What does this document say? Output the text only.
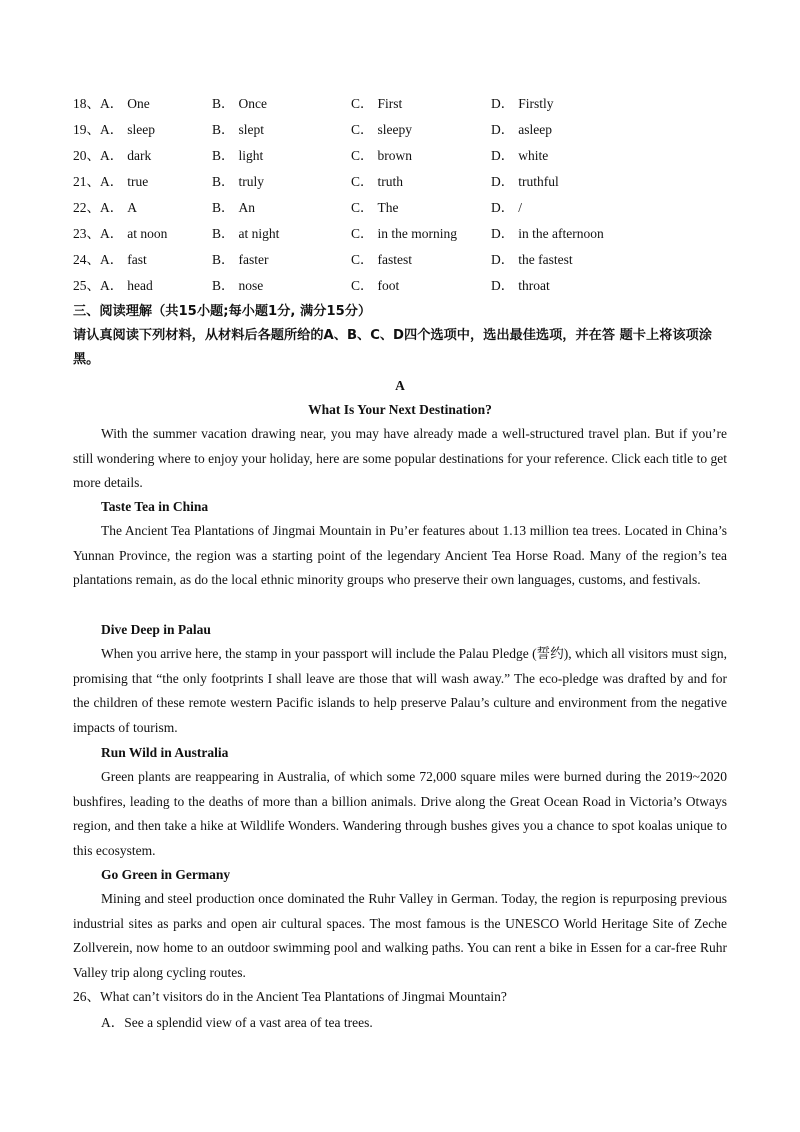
18、A． One	B． Once	C． First	D． Firstly
19、A． sleep	B． slept	C． sleepy	D． asleep
20、A． dark	B． light	C． brown	D． white
21、A． true	B． truly	C． truth	D． truthful
22、A． A	B． An	C． The	D． /
23、A． at noon	B． at night	C． in the morning	D． in the afternoon
24、A． fast	B． faster	C． fastest	D． the fastest
25、A． head	B． nose	C． foot	D． throat
三、阅读理解（共15小题;每小题1分, 满分15分）
请认真阅读下列材料，从材料后各题所给的A、B、C、D四个选项中，选出最佳选项，并在答 题卡上将该项涂黑。
A
What Is Your Next Destination?

With the summer vacation drawing near, you may have already made a well-structured travel plan. But if you’re still wondering where to enjoy your holiday, here are some popular destinations for your reference. Click each title to get more details.

Taste Tea in China

The Ancient Tea Plantations of Jingmai Mountain in Pu’er features about 1.13 million tea trees. Located in China’s Yunnan Province, the region was a starting point of the legendary Ancient Tea Horse Road. Many of the region’s tea plantations remain, as do the local ethnic minority groups who preserve their own languages, customs, and festivals.

Dive Deep in Palau

When you arrive here, the stamp in your passport will include the Palau Pledge (誓约), which all visitors must sign, promising that “the only footprints I shall leave are those that will wash away.” The eco-pledge was drafted by and for the children of these remote western Pacific islands to help preserve Palau’s culture and environment from the negative impacts of tourism.

Run Wild in Australia

Green plants are reappearing in Australia, of which some 72,000 square miles were burned during the 2019~2020 bushfires, leading to the deaths of more than a billion animals. Drive along the Great Ocean Road in Victoria’s Otways region, and then take a hike at Wildlife Wonders. Wandering through bushes gives you a chance to spot koalas unique to this ecosystem.

Go Green in Germany

Mining and steel production once dominated the Ruhr Valley in German. Today, the region is repurposing previous industrial sites as parks and open air cultural spaces. The most famous is the UNESCO World Heritage Site of Zeche Zollverein, now home to an outdoor swimming pool and walking paths. You can rent a bike in Essen for a car-free Ruhr Valley trip along cycling routes.

26、What can’t visitors do in the Ancient Tea Plantations of Jingmai Mountain?
A．See a splendid view of a vast area of tea trees.
